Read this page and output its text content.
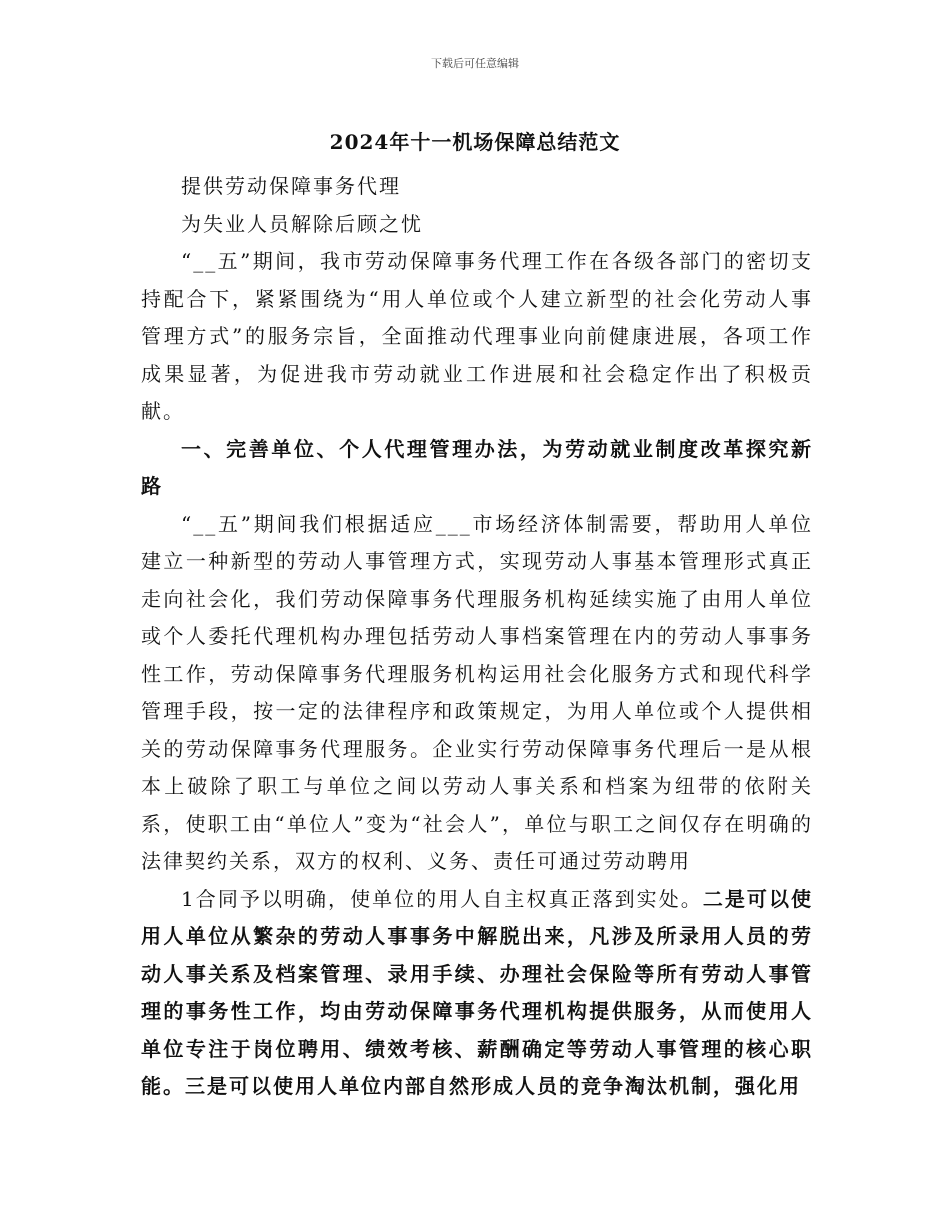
下载后可任意编辑
2024年十一机场保障总结范文

提供劳动保障事务代理

为失业人员解除后顾之忧

“__五”期间，我市劳动保障事务代理工作在各级各部门的密切支持配合下，紧紧围绕为“用人单位或个人建立新型的社会化劳动人事管理方式”的服务宗旨，全面推动代理事业向前健康进展，各项工作成果显著，为促进我市劳动就业工作进展和社会稳定作出了积极贡献。

一、完善单位、个人代理管理办法，为劳动就业制度改革探究新路

“__五”期间我们根据适应___市场经济体制需要，帮助用人单位建立一种新型的劳动人事管理方式，实现劳动人事基本管理形式真正走向社会化，我们劳动保障事务代理服务机构延续实施了由用人单位或个人委托代理机构办理包括劳动人事档案管理在内的劳动人事事务性工作，劳动保障事务代理服务机构运用社会化服务方式和现代科学管理手段，按一定的法律程序和政策规定，为用人单位或个人提供相关的劳动保障事务代理服务。企业实行劳动保障事务代理后一是从根本上破除了职工与单位之间以劳动人事关系和档案为纽带的依附关系，使职工由“单位人”变为“社会人”，单位与职工之间仅存在明确的法律契约关系，双方的权利、义务、责任可通过劳动聘用

1合同予以明确，使单位的用人自主权真正落到实处。二是可以使用人单位从繁杂的劳动人事事务中解脱出来，凡涉及所录用人员的劳动人事关系及档案管理、录用手续、办理社会保险等所有劳动人事管理的事务性工作，均由劳动保障事务代理机构提供服务，从而使用人单位专注于岗位聘用、绩效考核、薪酬确定等劳动人事管理的核心职能。三是可以使用人单位内部自然形成人员的竞争淘汰机制，强化用
